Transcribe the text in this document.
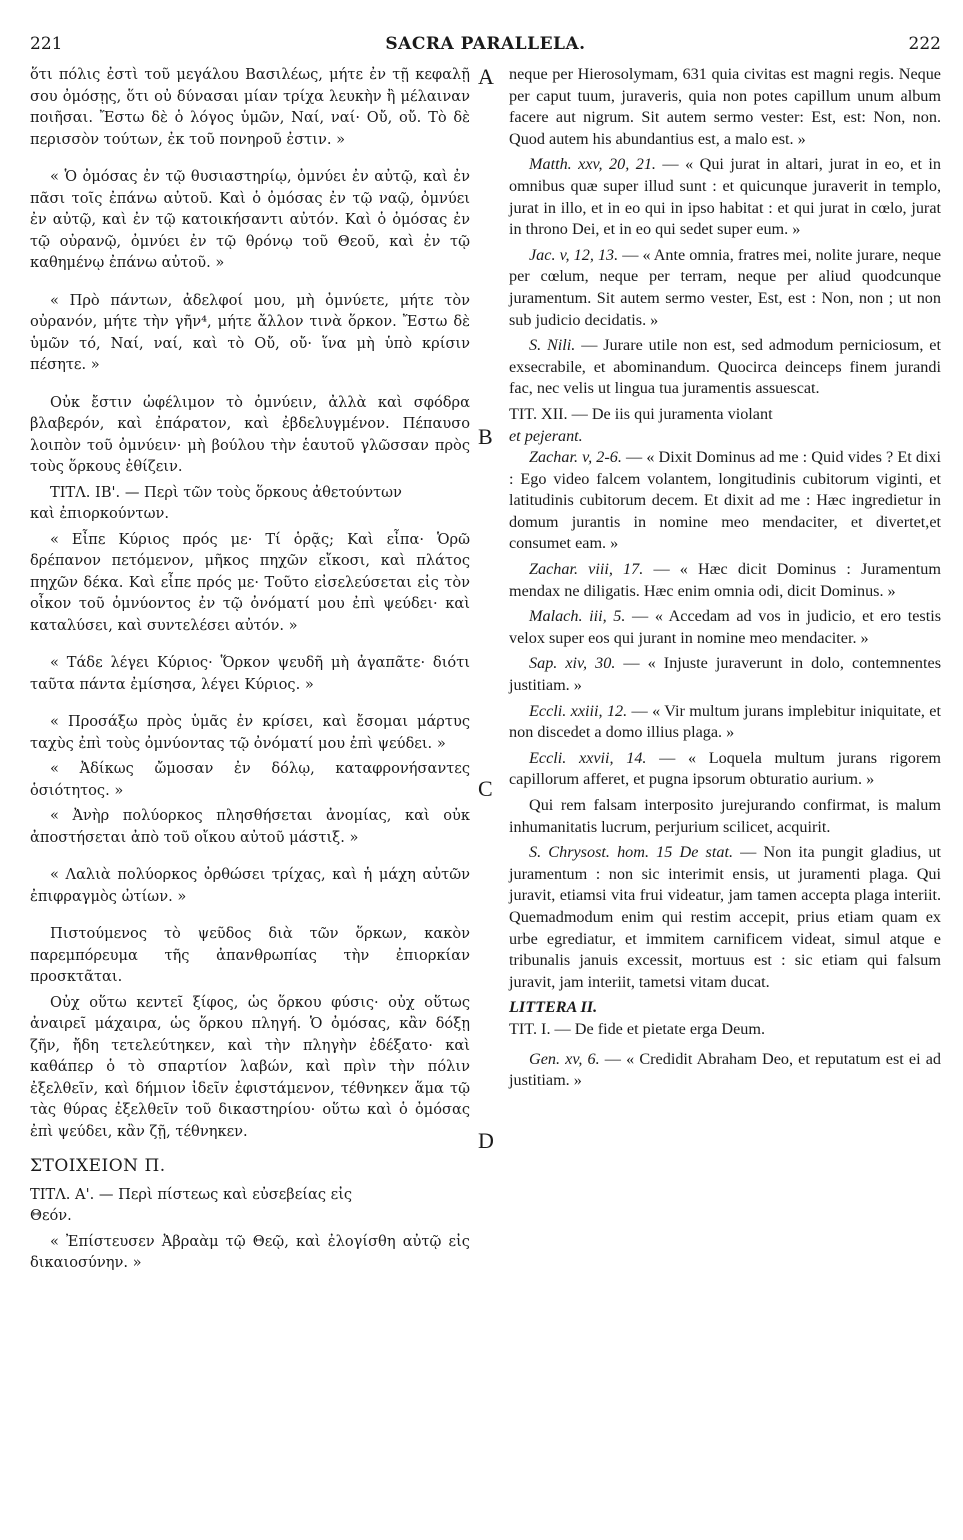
221	SACRA PARALLELA.	222

ὅτι πόλις ἐστὶ τοῦ μεγάλου Βασιλέως, μήτε ἐν τῇ κεφαλῇ σου ὀμόσῃς, ὅτι οὐ δύνασαι μίαν τρίχα λευκὴν ἢ μέλαιναν ποιῆσαι. Ἔστω δὲ ὁ λόγος ὑμῶν, Ναί, ναί· Οὔ, οὔ. Τὸ δὲ περισσὸν τούτων, ἐκ τοῦ πονηροῦ ἐστιν. »

« Ὁ ὀμόσας ἐν τῷ θυσιαστηρίῳ, ὀμνύει ἐν αὐτῷ, καὶ ἐν πᾶσι τοῖς ἐπάνω αὐτοῦ. Καὶ ὁ ὀμόσας ἐν τῷ ναῷ, ὀμνύει ἐν αὐτῷ, καὶ ἐν τῷ κατοικήσαντι αὐτόν. Καὶ ὁ ὀμόσας ἐν τῷ οὐρανῷ, ὀμνύει ἐν τῷ θρόνῳ τοῦ Θεοῦ, καὶ ἐν τῷ καθημένῳ ἐπάνω αὐτοῦ. »

« Πρὸ πάντων, ἀδελφοί μου, μὴ ὀμνύετε, μήτε τὸν οὐρανόν, μήτε τὴν γῆν⁴, μήτε ἄλλον τινὰ ὅρκον. Ἔστω δὲ ὑμῶν τό, Ναί, ναί, καὶ τὸ Οὔ, οὔ· ἵνα μὴ ὑπὸ κρίσιν πέσητε. »

Οὐκ ἔστιν ὠφέλιμον τὸ ὀμνύειν, ἀλλὰ καὶ σφόδρα βλαβερόν, καὶ ἐπάρατον, καὶ ἐβδελυγμένον. Πέπαυσο λοιπὸν τοῦ ὀμνύειν· μὴ βούλου τὴν ἑαυτοῦ γλῶσσαν πρὸς τοὺς ὅρκους ἐθίζειν.

ΤΙΤΛ. ΙΒ'. — Περὶ τῶν τοὺς ὅρκους ἀθετούντων

καὶ ἐπιορκούντων.

« Εἶπε Κύριος πρός με· Τί ὁρᾷς; Καὶ εἶπα· Ὁρῶ δρέπανον πετόμενον, μῆκος πηχῶν εἴκοσι, καὶ πλάτος πηχῶν δέκα. Καὶ εἶπε πρός με· Τοῦτο εἰσελεύσεται εἰς τὸν οἶκον τοῦ ὀμνύοντος ἐν τῷ ὀνόματί μου ἐπὶ ψεύδει· καὶ καταλύσει, καὶ συντελέσει αὐτόν. »

« Τάδε λέγει Κύριος· Ὅρκον ψευδῆ μὴ ἀγαπᾶτε· διότι ταῦτα πάντα ἐμίσησα, λέγει Κύριος. »

« Προσάξω πρὸς ὑμᾶς ἐν κρίσει, καὶ ἔσομαι μάρτυς ταχὺς ἐπὶ τοὺς ὀμνύοντας τῷ ὀνόματί μου ἐπὶ ψεύδει. »

« Ἀδίκως ὤμοσαν ἐν δόλῳ, καταφρονήσαντες ὁσιότητος. »

« Ἀνὴρ πολύορκος πλησθήσεται ἀνομίας, καὶ οὐκ ἀποστήσεται ἀπὸ τοῦ οἴκου αὐτοῦ μάστιξ. »

« Λαλιὰ πολύορκος ὀρθώσει τρίχας, καὶ ἡ μάχη αὐτῶν ἐπιφραγμὸς ὠτίων. »

Πιστούμενος τὸ ψεῦδος διὰ τῶν ὅρκων, κακὸν παρεμπόρευμα τῆς ἀπανθρωπίας τὴν ἐπιορκίαν προσκτᾶται.

Οὐχ οὕτω κεντεῖ ξίφος, ὡς ὅρκου φύσις· οὐχ οὕτως ἀναιρεῖ μάχαιρα, ὡς ὅρκου πληγή. Ὁ ὀμόσας, κἂν δόξῃ ζῆν, ἤδη τετελεύτηκεν, καὶ τὴν πληγὴν ἐδέξατο· καὶ καθάπερ ὁ τὸ σπαρτίον λαβών, καὶ πρὶν τὴν πόλιν ἐξελθεῖν, καὶ δήμιον ἰδεῖν ἐφιστάμενον, τέθνηκεν ἅμα τῷ τὰς θύρας ἐξελθεῖν τοῦ δικαστηρίου· οὕτω καὶ ὁ ὀμόσας ἐπὶ ψεύδει, κἂν ζῇ, τέθνηκεν.

ΣΤΟΙΧΕΙΟΝ Π.

ΤΙΤΛ. Α'. — Περὶ πίστεως καὶ εὐσεβείας εἰς

Θεόν.

« Ἐπίστευσεν Ἀβραὰμ τῷ Θεῷ, καὶ ἐλογίσθη αὐτῷ εἰς δικαιοσύνην. »

neque per Hierosolymam, 631 quia civitas est magni regis. Neque per caput tuum, juraveris, quia non potes capillum unum album facere aut nigrum. Sit autem sermo vester: Est, est: Non, non. Quod autem his abundantius est, a malo est. »

Matth. xxv, 20, 21. — « Qui jurat in altari, jurat in eo, et in omnibus quæ super illud sunt : et quicunque juraverit in templo, jurat in illo, et in eo qui in ipso habitat : et qui jurat in cœlo, jurat in throno Dei, et in eo qui sedet super eum. »

Jac. v, 12, 13. — « Ante omnia, fratres mei, nolite jurare, neque per cœlum, neque per terram, neque per aliud quodcunque juramentum. Sit autem sermo vester, Est, est : Non, non ; ut non sub judicio decidatis. »

S. Nili. — Jurare utile non est, sed admodum perniciosum, et exsecrabile, et abominandum. Quocirca deinceps finem jurandi fac, nec velis ut lingua tua juramentis assuescat.

TIT. XII. — De iis qui juramenta violant

et pejerant.

Zachar. v, 2-6. — « Dixit Dominus ad me : Quid vides ? Et dixi : Ego video falcem volantem, longitudinis cubitorum viginti, et latitudinis cubitorum decem. Et dixit ad me : Hæc ingredietur in domum jurantis in nomine meo mendaciter, et divertet,et consumet eam. »

Zachar. viii, 17. — « Hæc dicit Dominus : Juramentum mendax ne diligatis. Hæc enim omnia odi, dicit Dominus. »

Malach. iii, 5. — « Accedam ad vos in judicio, et ero testis velox super eos qui jurant in nomine meo mendaciter. »

Sap. xiv, 30. — « Injuste juraverunt in dolo, contemnentes justitiam. »

Eccli. xxiii, 12. — « Vir multum jurans implebitur iniquitate, et non discedet a domo illius plaga. »

Eccli. xxvii, 14. — « Loquela multum jurans rigorem capillorum afferet, et pugna ipsorum obturatio aurium. »

Qui rem falsam interposito jurejurando confirmat, is malum inhumanitatis lucrum, perjurium scilicet, acquirit.

S. Chrysost. hom. 15 De stat. — Non ita pungit gladius, ut juramentum : non sic interimit ensis, ut juramenti plaga. Qui juravit, etiamsi vita frui videatur, jam tamen accepta plaga interiit. Quemadmodum enim qui restim accepit, prius etiam quam ex urbe egrediatur, et immitem carnificem videat, simul atque e tribunalis januis excessit, mortuus est : sic etiam qui falsum juravit, jam interiit, tametsi vitam ducat.

LITTERA II.

TIT. I. — De fide et pietate erga Deum.

Gen. xv, 6. — « Credidit Abraham Deo, et reputatum est ei ad justitiam. »

A
B
C
D
